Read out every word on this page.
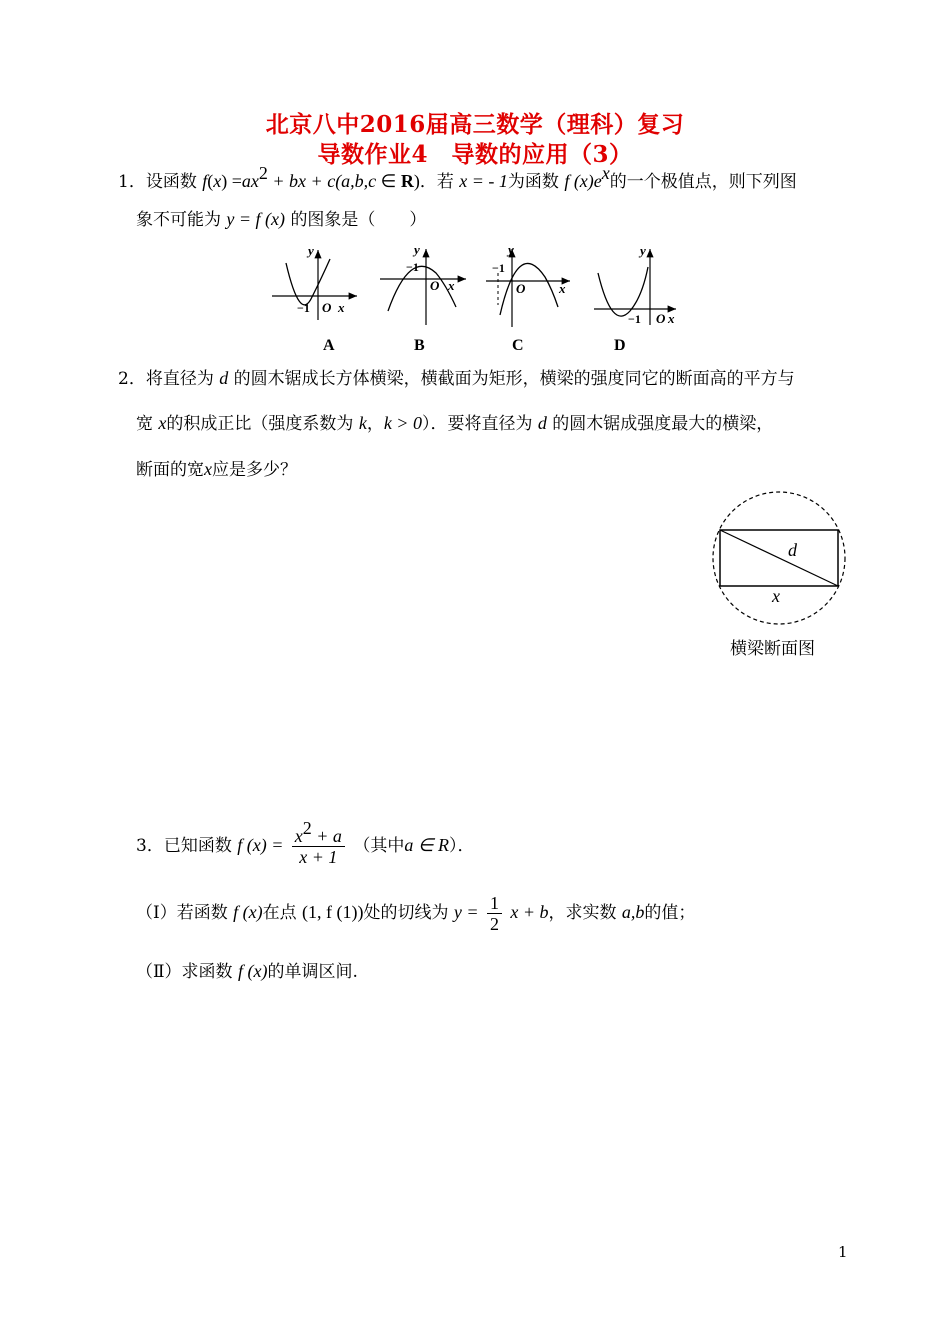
北京八中2016届高三数学（理科）复习
导数作业4　导数的应用（3）
1．设函数 $f(x) =ax^2$ + bx + c(a,b,c ∈ R)．若 x = - 1为函数 f $(x)e^x$的一个极值点，则下列图
象不可能为 y = f (x) 的图象是（　　）
y
−1 O x
A
y
−1
O x
B
y
−1
O	x
C
y
−1 O x
D
2．将直径为 d 的圆木锯成长方体横梁，横截面为矩形，横梁的强度同它的断面高的平方与
宽 x的积成正比（强度系数为 k，k > 0）．要将直径为 d 的圆木锯成强度最大的横梁，
断面的宽x应是多少？
d
x
横梁断面图
3．已知函数 f $(x) = \frac{x^2 + a}{x + 1}$ （其中a ∈ R）．
（Ⅰ）若函数 f (x)在点 (1, f (1))处的切线为 $y = \frac{1}{2}$ x + b，求实数 a,b的值；
（Ⅱ）求函数 f (x)的单调区间.
1
